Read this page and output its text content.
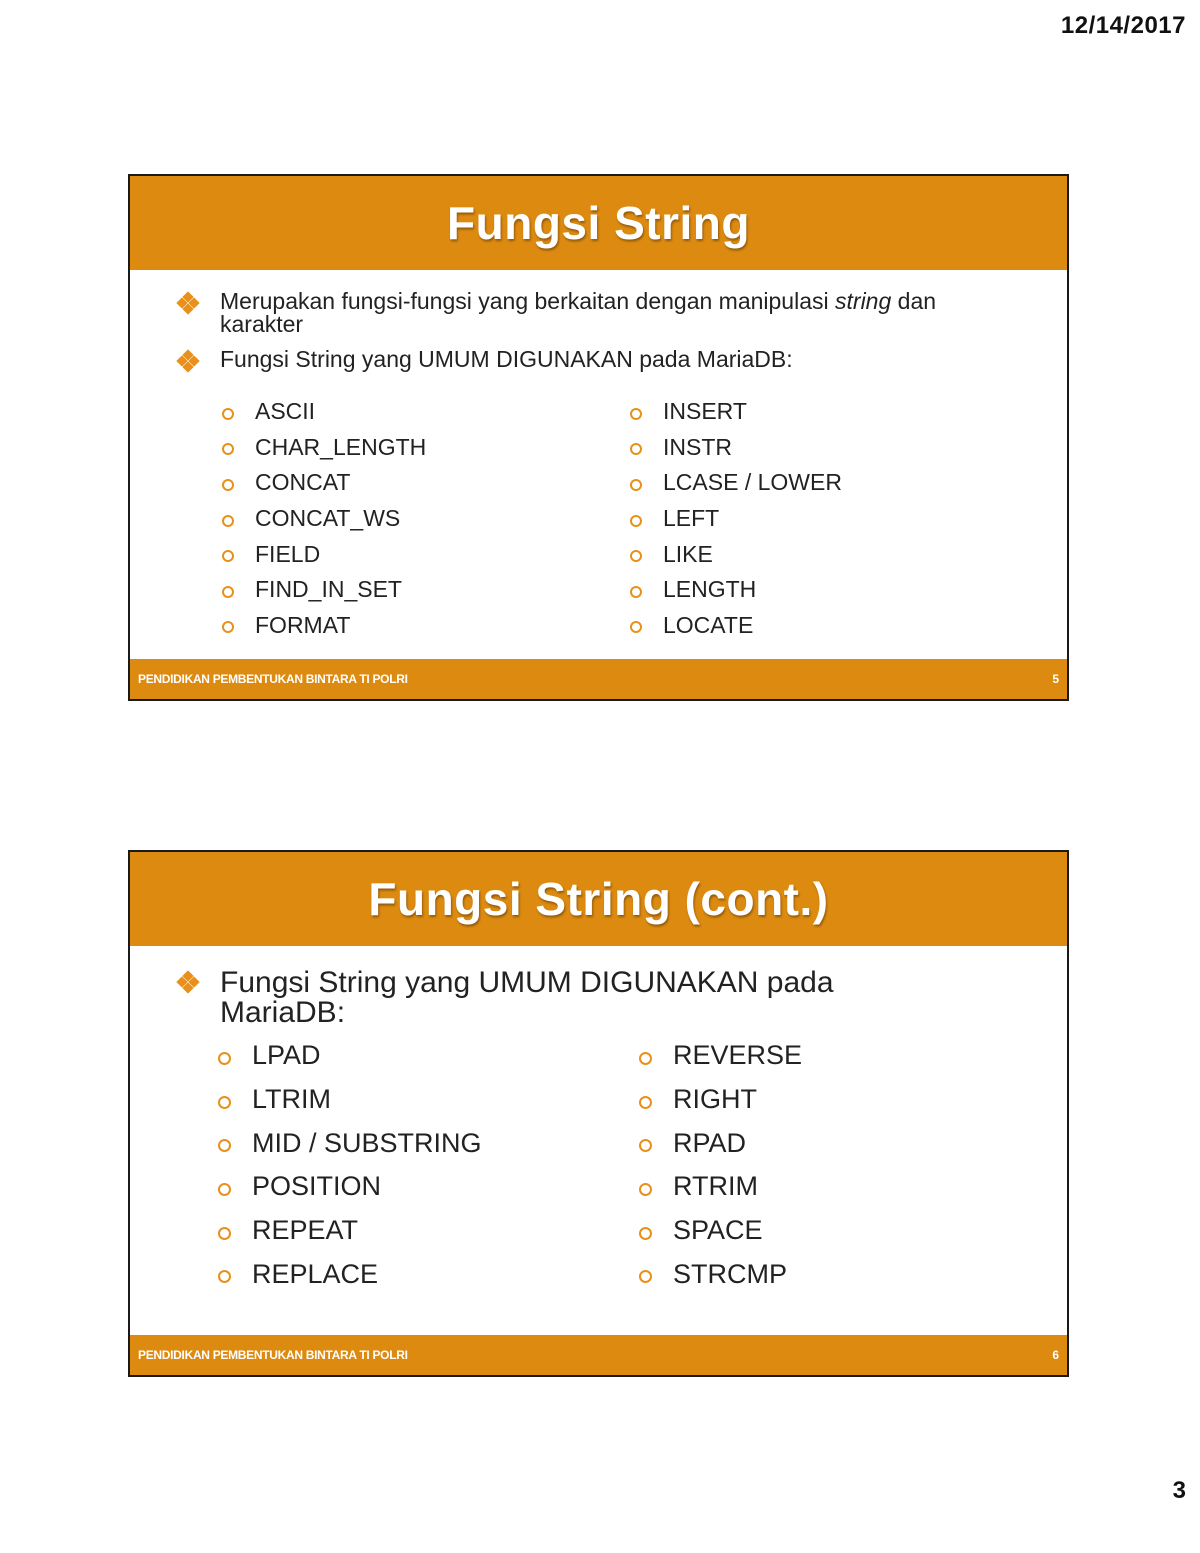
12/14/2017
Fungsi String
Merupakan fungsi-fungsi yang berkaitan dengan manipulasi string dan karakter
Fungsi String yang UMUM DIGUNAKAN pada MariaDB:
ASCII
CHAR_LENGTH
CONCAT
CONCAT_WS
FIELD
FIND_IN_SET
FORMAT
INSERT
INSTR
LCASE / LOWER
LEFT
LIKE
LENGTH
LOCATE
PENDIDIKAN PEMBENTUKAN BINTARA TI POLRI	5
Fungsi String (cont.)
Fungsi String yang UMUM DIGUNAKAN pada MariaDB:
LPAD
LTRIM
MID / SUBSTRING
POSITION
REPEAT
REPLACE
REVERSE
RIGHT
RPAD
RTRIM
SPACE
STRCMP
PENDIDIKAN PEMBENTUKAN BINTARA TI POLRI	6
3
